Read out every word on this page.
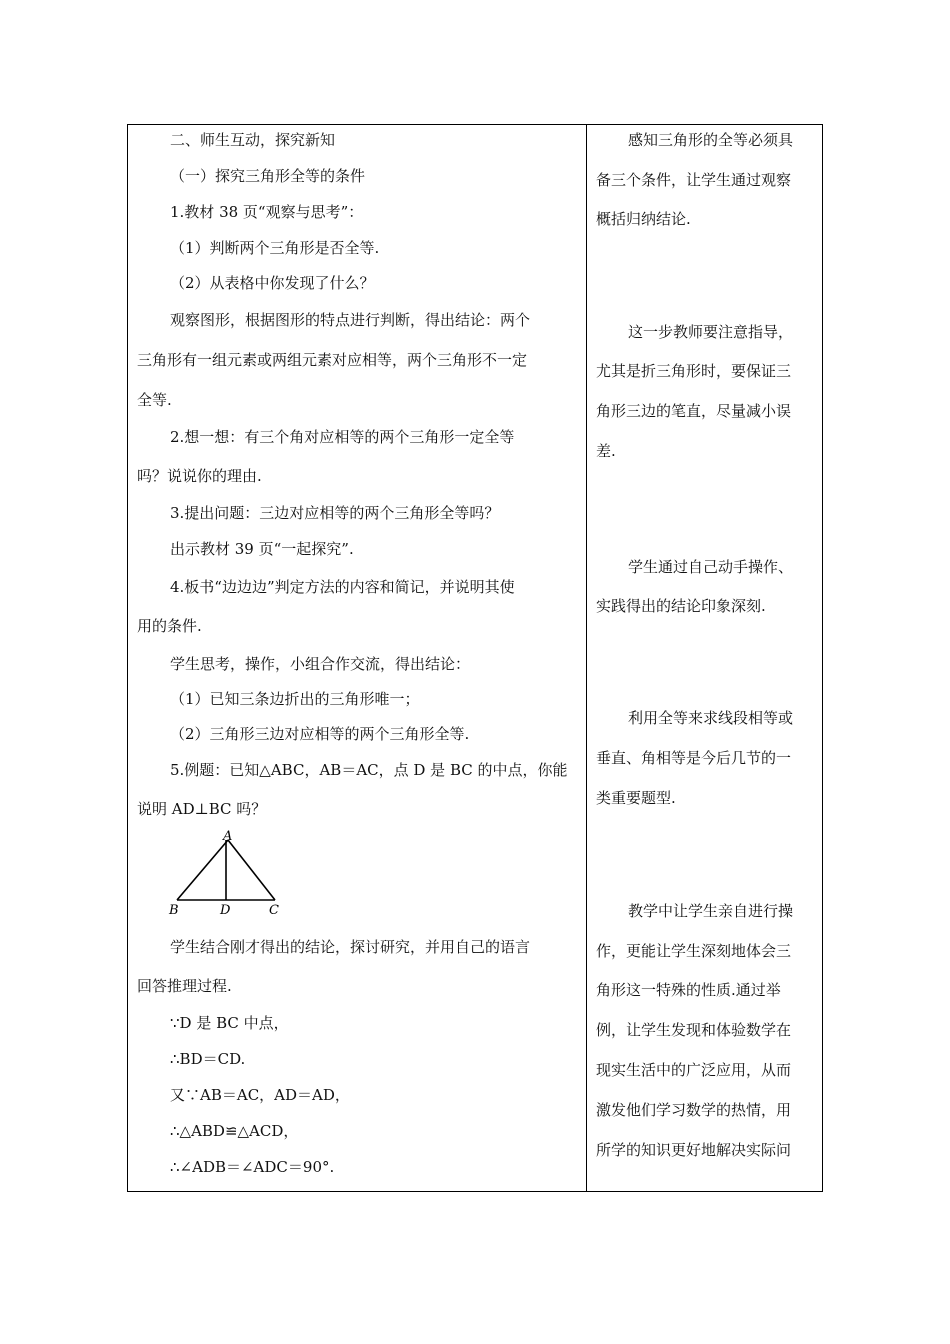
二、师生互动，探究新知
（一）探究三角形全等的条件
1.教材 38 页“观察与思考”：
（1）判断两个三角形是否全等.
（2）从表格中你发现了什么？
观察图形，根据图形的特点进行判断，得出结论：两个
三角形有一组元素或两组元素对应相等，两个三角形不一定
全等.
2.想一想：有三个角对应相等的两个三角形一定全等
吗？说说你的理由.
3.提出问题：三边对应相等的两个三角形全等吗？
出示教材 39 页“一起探究”.
4.板书“边边边”判定方法的内容和简记，并说明其使
用的条件.
学生思考，操作，小组合作交流，得出结论：
（1）已知三条边折出的三角形唯一；
（2）三角形三边对应相等的两个三角形全等.
5.例题：已知△ABC，AB＝AC，点 D 是 BC 的中点，你能
说明 AD⊥BC 吗？
A
B	D	C
学生结合刚才得出的结论，探讨研究，并用自己的语言
回答推理过程.
∵D 是 BC 中点，
∴BD＝CD.
又∵AB＝AC，AD＝AD，
∴△ABD≌△ACD，
∴∠ADB＝∠ADC＝90°.
感知三角形的全等必须具
备三个条件，让学生通过观察
概括归纳结论.
这一步教师要注意指导，
尤其是折三角形时，要保证三
角形三边的笔直，尽量减小误
差.
学生通过自己动手操作、
实践得出的结论印象深刻.
利用全等来求线段相等或
垂直、角相等是今后几节的一
类重要题型.
教学中让学生亲自进行操
作，更能让学生深刻地体会三
角形这一特殊的性质.通过举
例，让学生发现和体验数学在
现实生活中的广泛应用，从而
激发他们学习数学的热情，用
所学的知识更好地解决实际问
